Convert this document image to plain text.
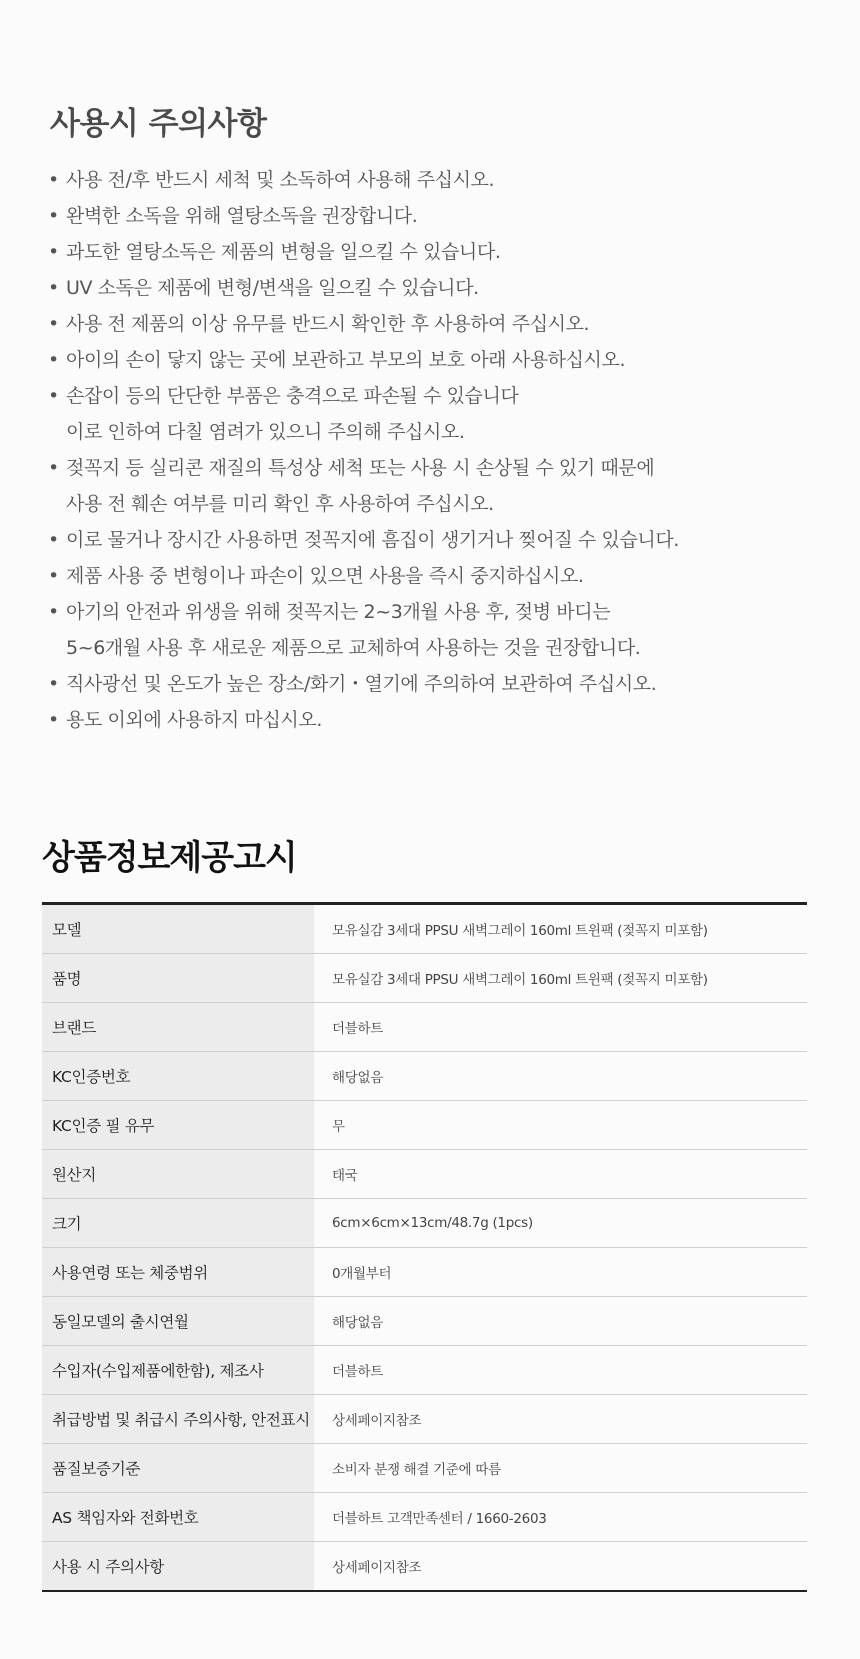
사용시 주의사항
• 사용 전/후 반드시 세척 및 소독하여 사용해 주십시오.
• 완벽한 소독을 위해 열탕소독을 권장합니다.
• 과도한 열탕소독은 제품의 변형을 일으킬 수 있습니다.
• UV 소독은 제품에 변형/변색을 일으킬 수 있습니다.
• 사용 전 제품의 이상 유무를 반드시 확인한 후 사용하여 주십시오.
• 아이의 손이 닿지 않는 곳에 보관하고 부모의 보호 아래 사용하십시오.
• 손잡이 등의 단단한 부품은 충격으로 파손될 수 있습니다
이로 인하여 다칠 염려가 있으니 주의해 주십시오.
• 젖꼭지 등 실리콘 재질의 특성상 세척 또는 사용 시 손상될 수 있기 때문에
사용 전 훼손 여부를 미리 확인 후 사용하여 주십시오.
• 이로 물거나 장시간 사용하면 젖꼭지에 흠집이 생기거나 찢어질 수 있습니다.
• 제품 사용 중 변형이나 파손이 있으면 사용을 즉시 중지하십시오.
• 아기의 안전과 위생을 위해 젖꼭지는 2~3개월 사용 후, 젖병 바디는
5~6개월 사용 후 새로운 제품으로 교체하여 사용하는 것을 권장합니다.
• 직사광선 및 온도가 높은 장소/화기・열기에 주의하여 보관하여 주십시오.
• 용도 이외에 사용하지 마십시오.
상품정보제공고시
모델	모유실감 3세대 PPSU 새벽그레이 160ml 트윈팩 (젖꼭지 미포함)
품명	모유실감 3세대 PPSU 새벽그레이 160ml 트윈팩 (젖꼭지 미포함)
브랜드	더블하트
KC인증번호	해당없음
KC인증 필 유무	무
원산지	태국
크기	6cm×6cm×13cm/48.7g (1pcs)
사용연령 또는 체중범위	0개월부터
동일모델의 출시연월	해당없음
수입자(수입제품에한함), 제조사	더블하트
취급방법 및 취급시 주의사항, 안전표시	상세페이지참조
품질보증기준	소비자 분쟁 해결 기준에 따름
AS 책임자와 전화번호	더블하트 고객만족센터 / 1660-2603
사용 시 주의사항	상세페이지참조
